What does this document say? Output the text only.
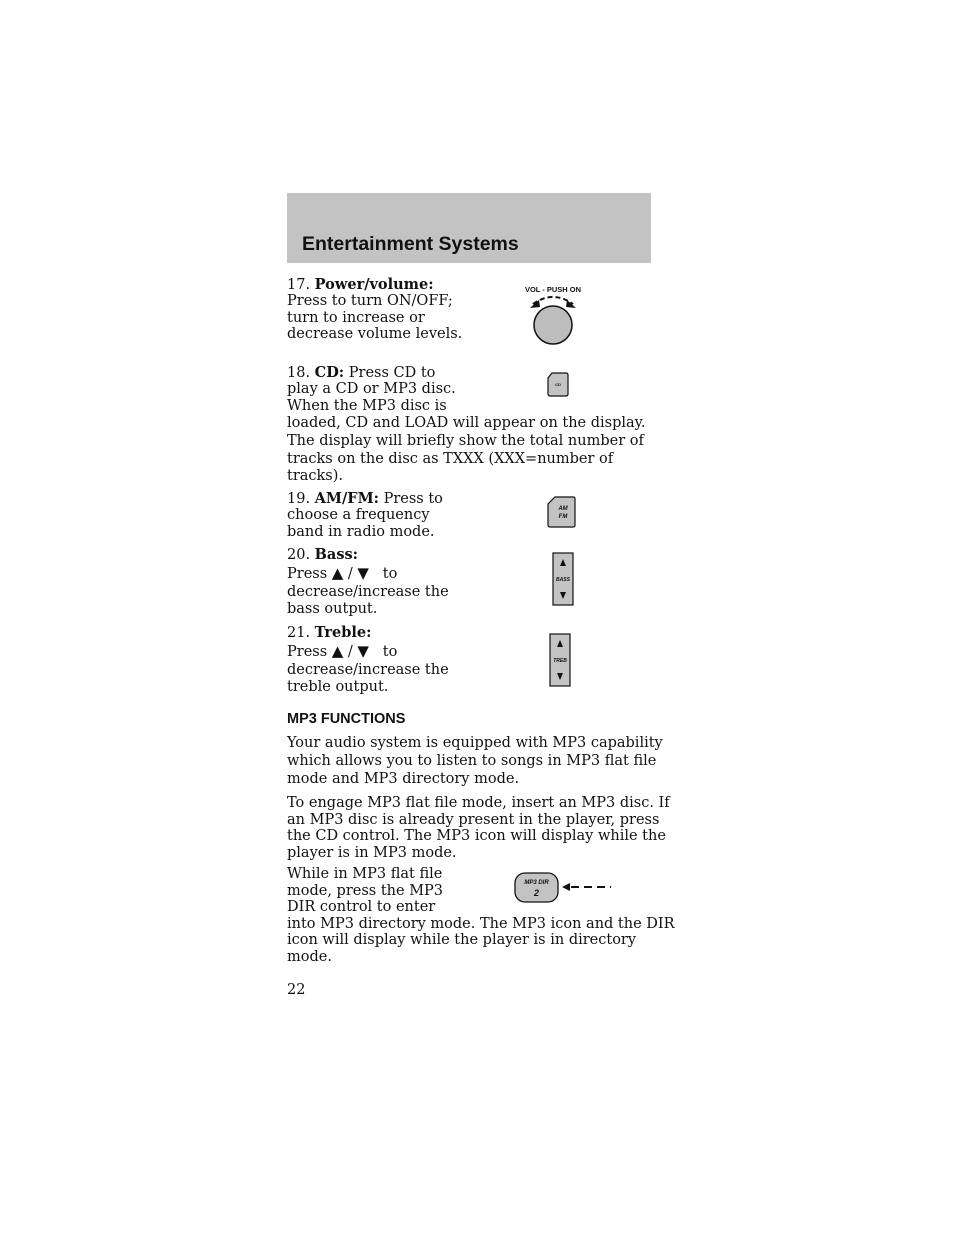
Entertainment Systems
17. Power/volume:
Press to turn ON/OFF;
turn to increase or
decrease volume levels.
VOL - PUSH ON
18. CD: Press CD to
play a CD or MP3 disc.
When the MP3 disc is
loaded, CD and LOAD will appear on the display.
The display will briefly show the total number of
tracks on the disc as TXXX (XXX=number of
tracks).
CD
19. AM/FM: Press to
choose a frequency
band in radio mode.
AM
FM
20. Bass:
Press ▲ / ▼ to
decrease/increase the
bass output.
BASS
21. Treble:
Press ▲ / ▼ to
decrease/increase the
treble output.
TREB
MP3 FUNCTIONS
Your audio system is equipped with MP3 capability
which allows you to listen to songs in MP3 flat file
mode and MP3 directory mode.
To engage MP3 flat file mode, insert an MP3 disc. If
an MP3 disc is already present in the player, press
the CD control. The MP3 icon will display while the
player is in MP3 mode.
While in MP3 flat file
mode, press the MP3
DIR control to enter
into MP3 directory mode. The MP3 icon and the DIR
icon will display while the player is in directory
mode.
MP3 DIR
2
22
